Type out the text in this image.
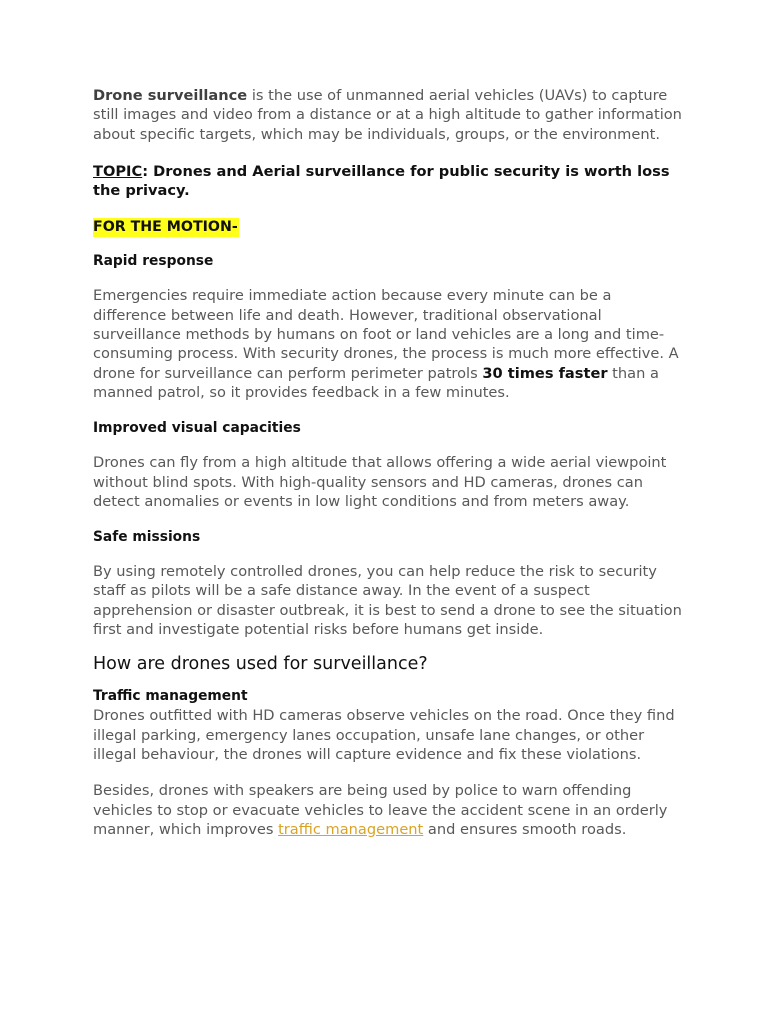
Drone surveillance is the use of unmanned aerial vehicles (UAVs) to capture still images and video from a distance or at a high altitude to gather information about specific targets, which may be individuals, groups, or the environment.

TOPIC: Drones and Aerial surveillance for public security is worth loss the privacy.

FOR THE MOTION-

Rapid response

Emergencies require immediate action because every minute can be a difference between life and death. However, traditional observational surveillance methods by humans on foot or land vehicles are a long and time-consuming process. With security drones, the process is much more effective. A drone for surveillance can perform perimeter patrols 30 times faster than a manned patrol, so it provides feedback in a few minutes.

Improved visual capacities

Drones can fly from a high altitude that allows offering a wide aerial viewpoint without blind spots. With high-quality sensors and HD cameras, drones can detect anomalies or events in low light conditions and from meters away.

Safe missions

By using remotely controlled drones, you can help reduce the risk to security staff as pilots will be a safe distance away. In the event of a suspect apprehension or disaster outbreak, it is best to send a drone to see the situation first and investigate potential risks before humans get inside.

How are drones used for surveillance?

Traffic management

Drones outfitted with HD cameras observe vehicles on the road. Once they find illegal parking, emergency lanes occupation, unsafe lane changes, or other illegal behaviour, the drones will capture evidence and fix these violations.

Besides, drones with speakers are being used by police to warn offending vehicles to stop or evacuate vehicles to leave the accident scene in an orderly manner, which improves traffic management and ensures smooth roads.
